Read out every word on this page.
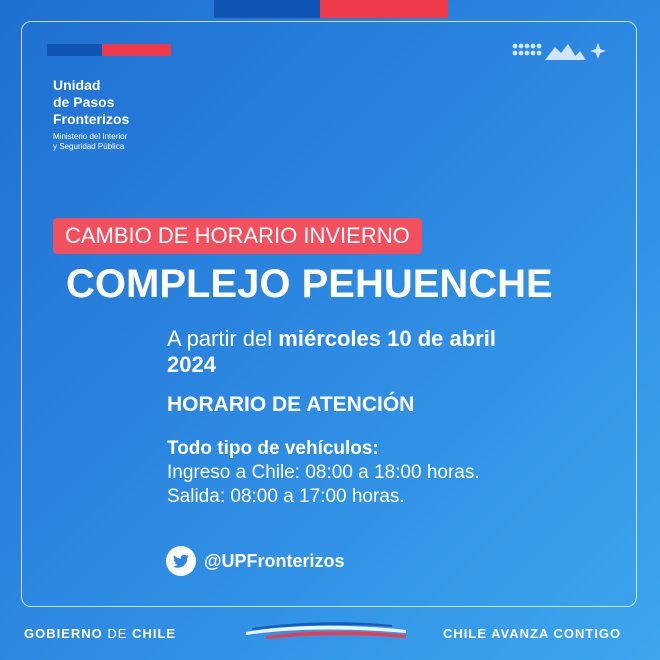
Unidad
de Pasos
Fronterizos
Ministerio del Interior
y Seguridad Pública
CAMBIO DE HORARIO INVIERNO
COMPLEJO PEHUENCHE
A partir del miércoles 10 de abril 2024
HORARIO DE ATENCIÓN
Todo tipo de vehículos:
Ingreso a Chile: 08:00 a 18:00 horas.
Salida: 08:00 a 17:00 horas.
@UPFronterizos
GOBIERNO DE CHILE	CHILE AVANZA CONTIGO
